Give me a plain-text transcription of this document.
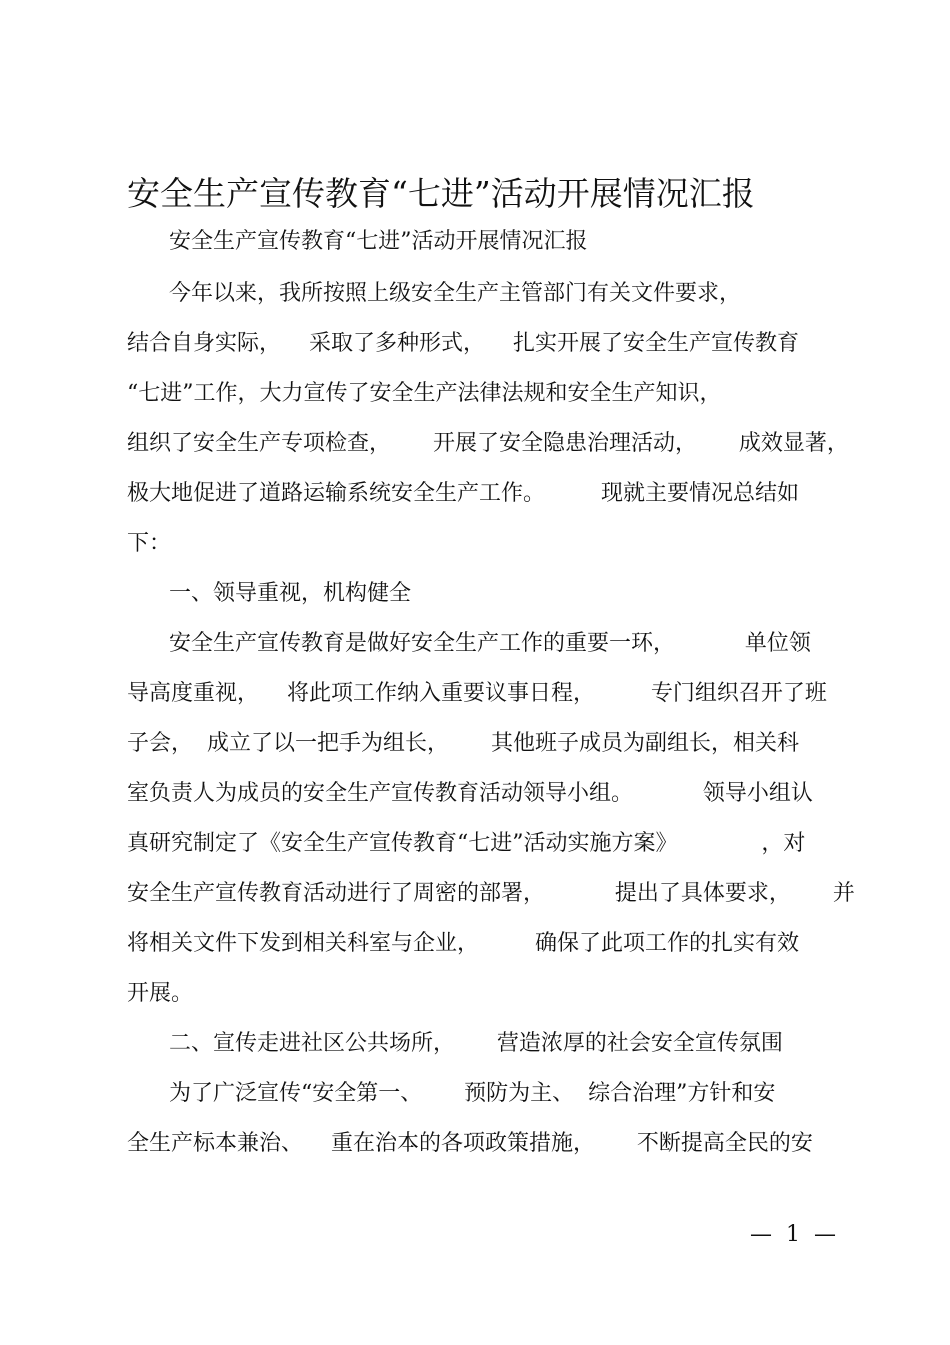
安全生产宣传教育“七进”活动开展情况汇报

安全生产宣传教育“七进”活动开展情况汇报

今年以来，我所按照上级安全生产主管部门有关文件要求，

结合自身实际，    采取了多种形式，    扎实开展了安全生产宣传教育

“七进”工作，大力宣传了安全生产法律法规和安全生产知识，

组织了安全生产专项检查，      开展了安全隐患治理活动，      成效显著，

极大地促进了道路运输系统安全生产工作。        现就主要情况总结如

下：

一、领导重视，机构健全

安全生产宣传教育是做好安全生产工作的重要一环，          单位领

导高度重视，    将此项工作纳入重要议事日程，        专门组织召开了班

子会，  成立了以一把手为组长，      其他班子成员为副组长，相关科

室负责人为成员的安全生产宣传教育活动领导小组。          领导小组认

真研究制定了《安全生产宣传教育“七进”活动实施方案》            ，对

安全生产宣传教育活动进行了周密的部署，          提出了具体要求，      并

将相关文件下发到相关科室与企业，        确保了此项工作的扎实有效

开展。

二、宣传走进社区公共场所，      营造浓厚的社会安全宣传氛围

为了广泛宣传“安全第一、      预防为主、  综合治理”方针和安

全生产标本兼治、    重在治本的各项政策措施，      不断提高全民的安

—  1  —
